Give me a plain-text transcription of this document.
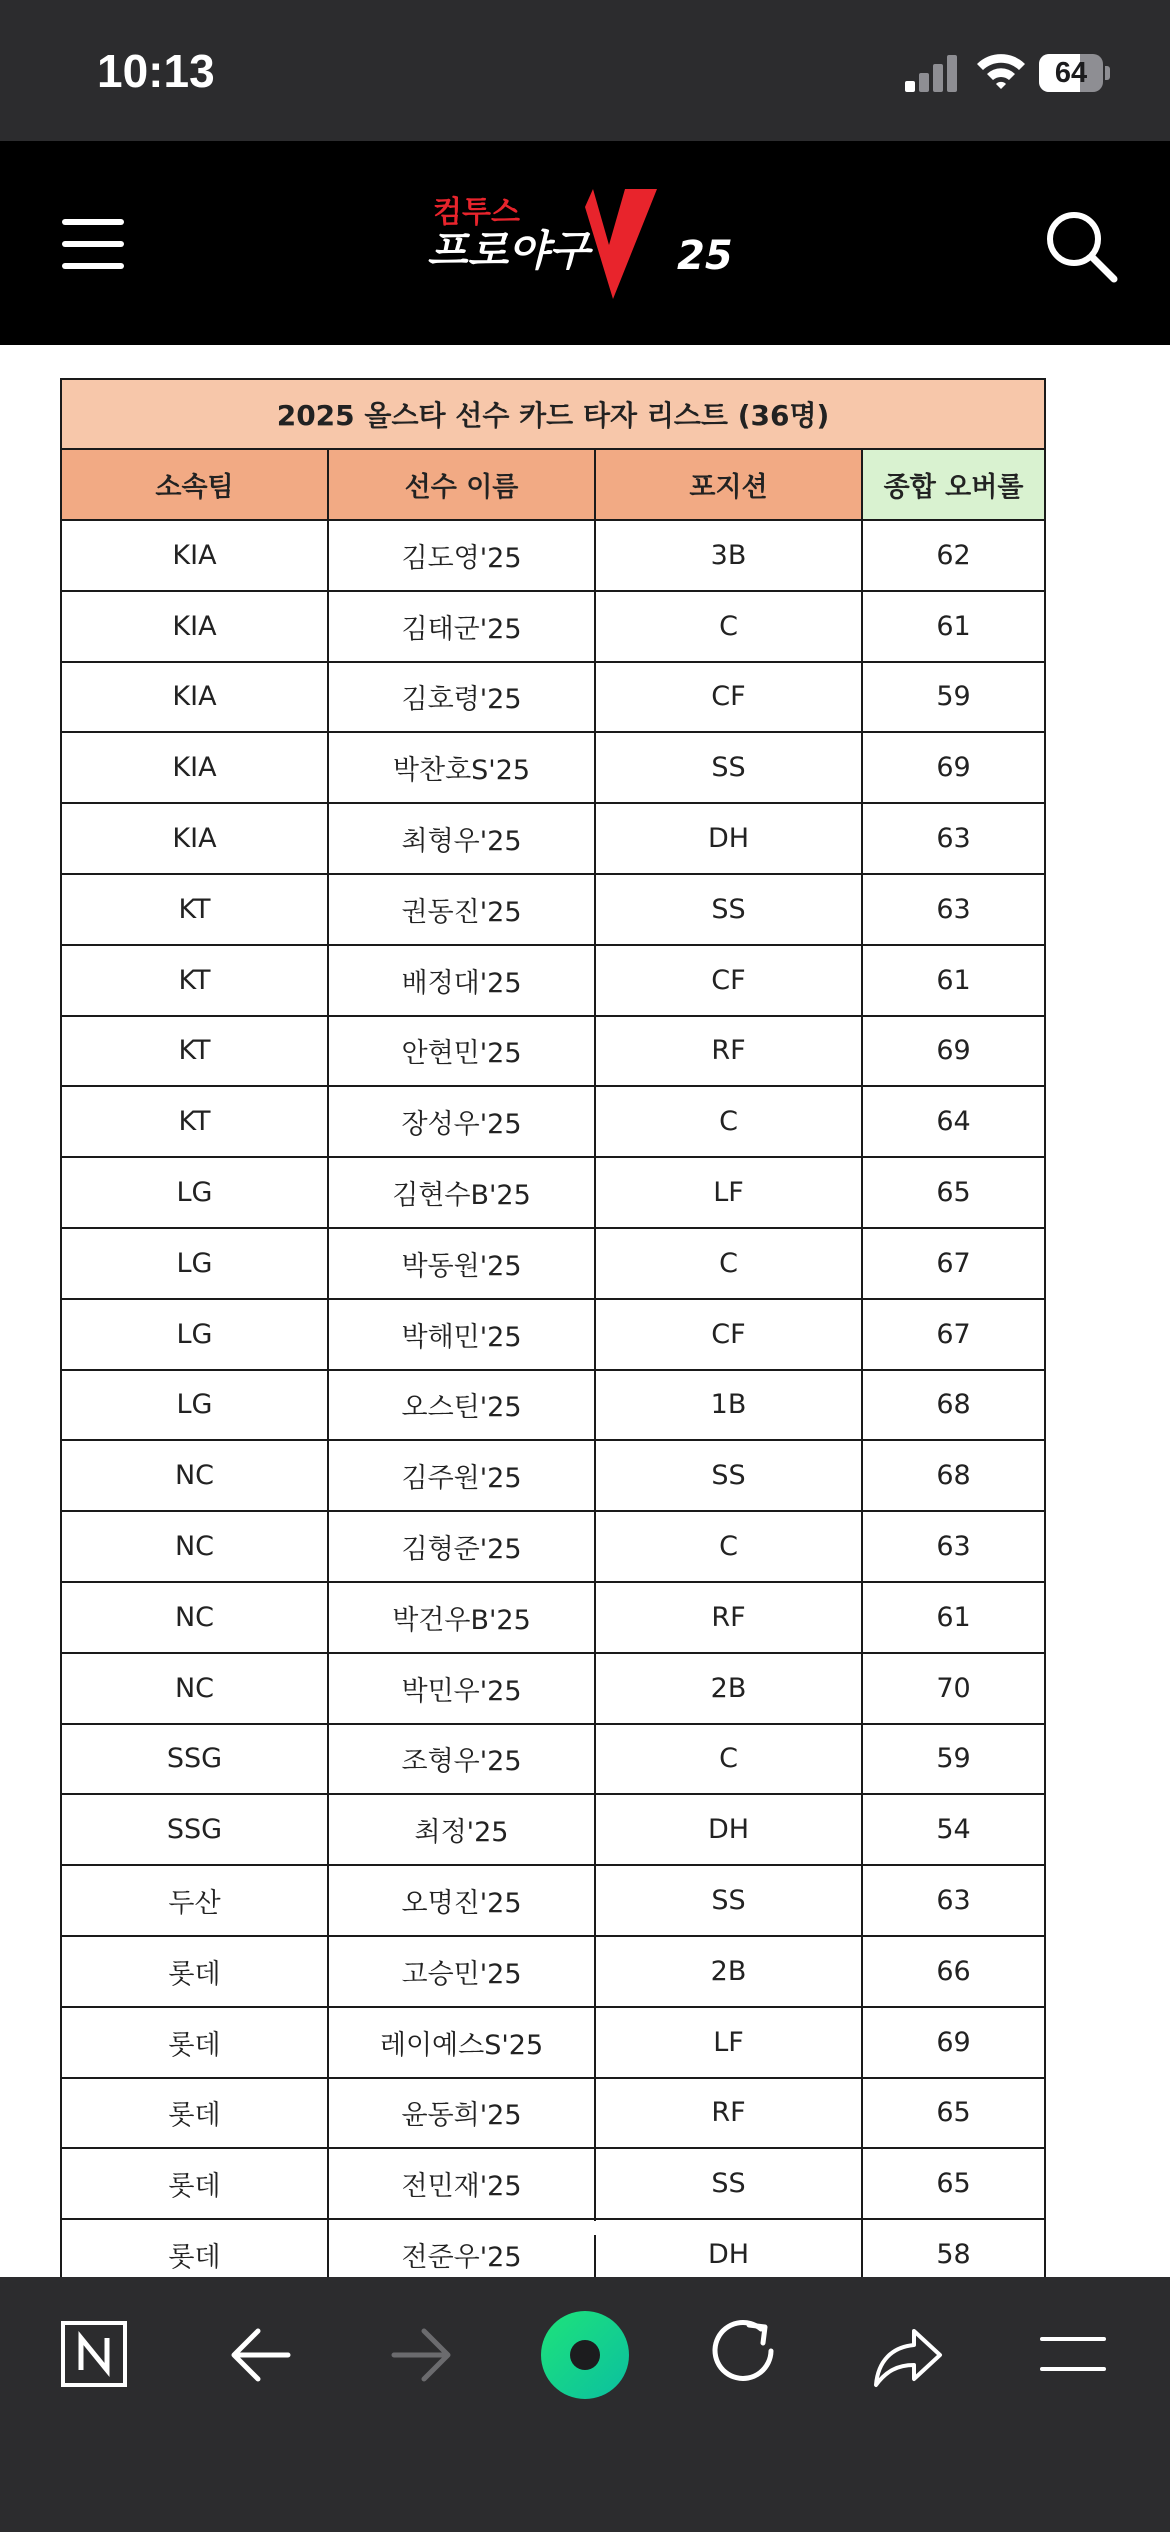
10:13	64
컴투스
프로야구 25
2025 올스타 선수 카드 타자 리스트 (36명)			
소속팀	선수 이름	포지션	종합 오버롤
KIA	김도영'25	3B	62
KIA	김태군'25	C	61
KIA	김호령'25	CF	59
KIA	박찬호S'25	SS	69
KIA	최형우'25	DH	63
KT	권동진'25	SS	63
KT	배정대'25	CF	61
KT	안현민'25	RF	69
KT	장성우'25	C	64
LG	김현수B'25	LF	65
LG	박동원'25	C	67
LG	박해민'25	CF	67
LG	오스틴'25	1B	68
NC	김주원'25	SS	68
NC	김형준'25	C	63
NC	박건우B'25	RF	61
NC	박민우'25	2B	70
SSG	조형우'25	C	59
SSG	최정'25	DH	54
두산	오명진'25	SS	63
롯데	고승민'25	2B	66
롯데	레이예스S'25	LF	69
롯데	윤동희'25	RF	65
롯데	전민재'25	SS	65
롯데	전준우'25	DH	58
